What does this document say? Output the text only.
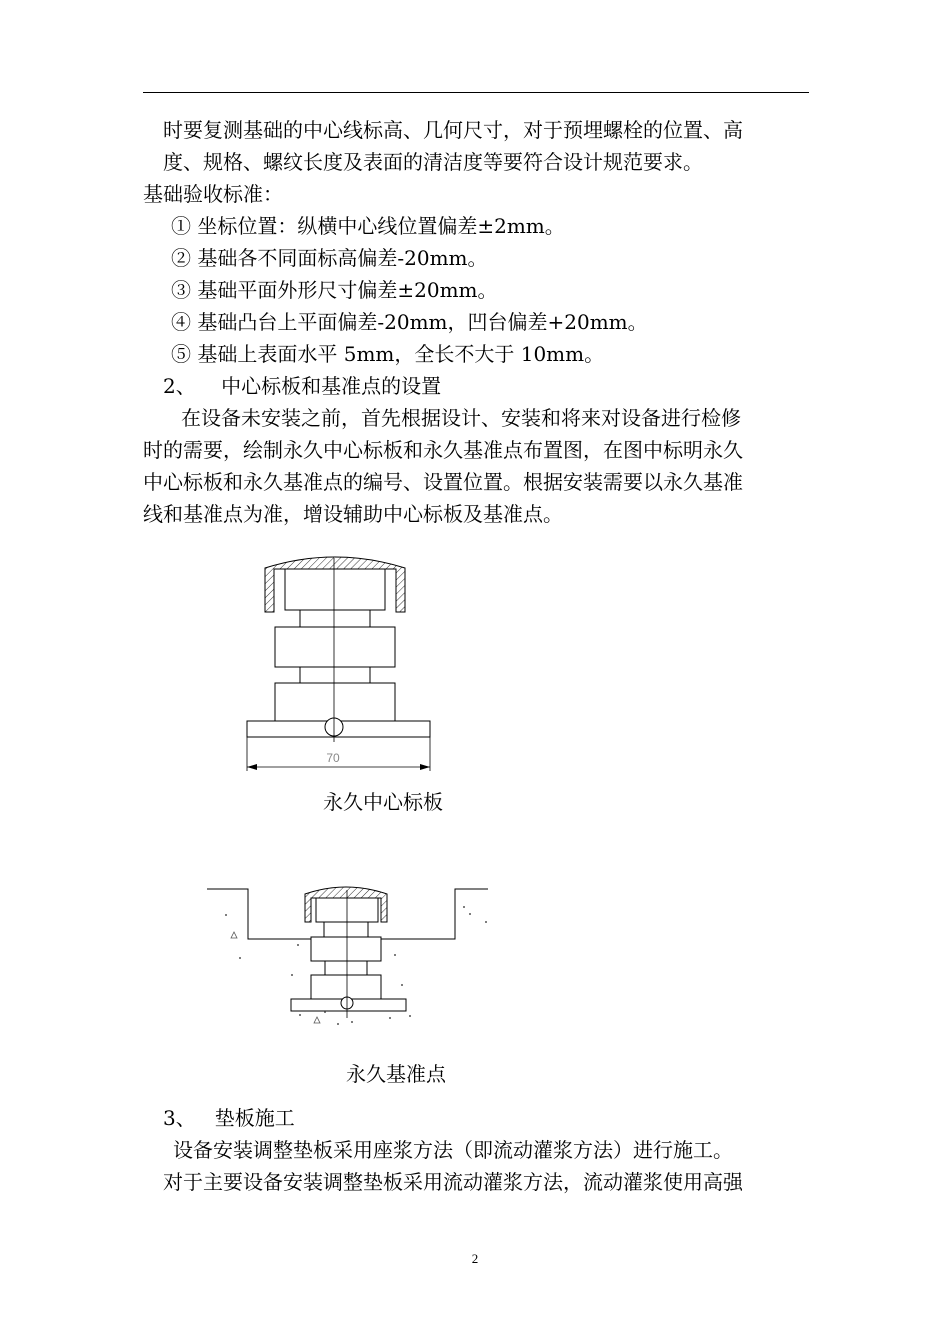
时要复测基础的中心线标高、几何尺寸，对于预埋螺栓的位置、高
度、规格、螺纹长度及表面的清洁度等要符合设计规范要求。
基础验收标准：
① 坐标位置：纵横中心线位置偏差±2mm。
② 基础各不同面标高偏差-20mm。
③ 基础平面外形尺寸偏差±20mm。
④ 基础凸台上平面偏差-20mm，凹台偏差+20mm。
⑤ 基础上表面水平 5mm，全长不大于 10mm。
2、    中心标板和基准点的设置
在设备未安装之前，首先根据设计、安装和将来对设备进行检修
时的需要，绘制永久中心标板和永久基准点布置图，在图中标明永久
中心标板和永久基准点的编号、设置位置。根据安装需要以永久基准
线和基准点为准，增设辅助中心标板及基准点。
70
永久中心标板
永久基准点
3、   垫板施工
设备安装调整垫板采用座浆方法（即流动灌浆方法）进行施工。
对于主要设备安装调整垫板采用流动灌浆方法，流动灌浆使用高强
2
